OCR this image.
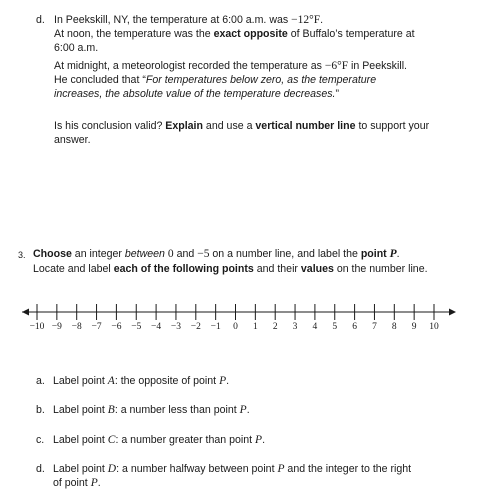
d. In Peekskill, NY, the temperature at 6:00 a.m. was −12°F.
At noon, the temperature was the exact opposite of Buffalo’s temperature at
6:00 a.m.
At midnight, a meteorologist recorded the temperature as −6°F in Peekskill.
He concluded that “For temperatures below zero, as the temperature
increases, the absolute value of the temperature decreases.”
Is his conclusion valid? Explain and use a vertical number line to support your
answer.
3. Choose an integer between 0 and −5 on a number line, and label the point P.
Locate and label each of the following points and their values on the number line.
−10 −9 −8 −7 −6 −5 −4 −3 −2 −1 0 1 2 3 4 5 6 7 8 9 10
a. Label point A: the opposite of point P.
b. Label point B: a number less than point P.
c. Label point C: a number greater than point P.
d. Label point D: a number halfway between point P and the integer to the right
of point P.
